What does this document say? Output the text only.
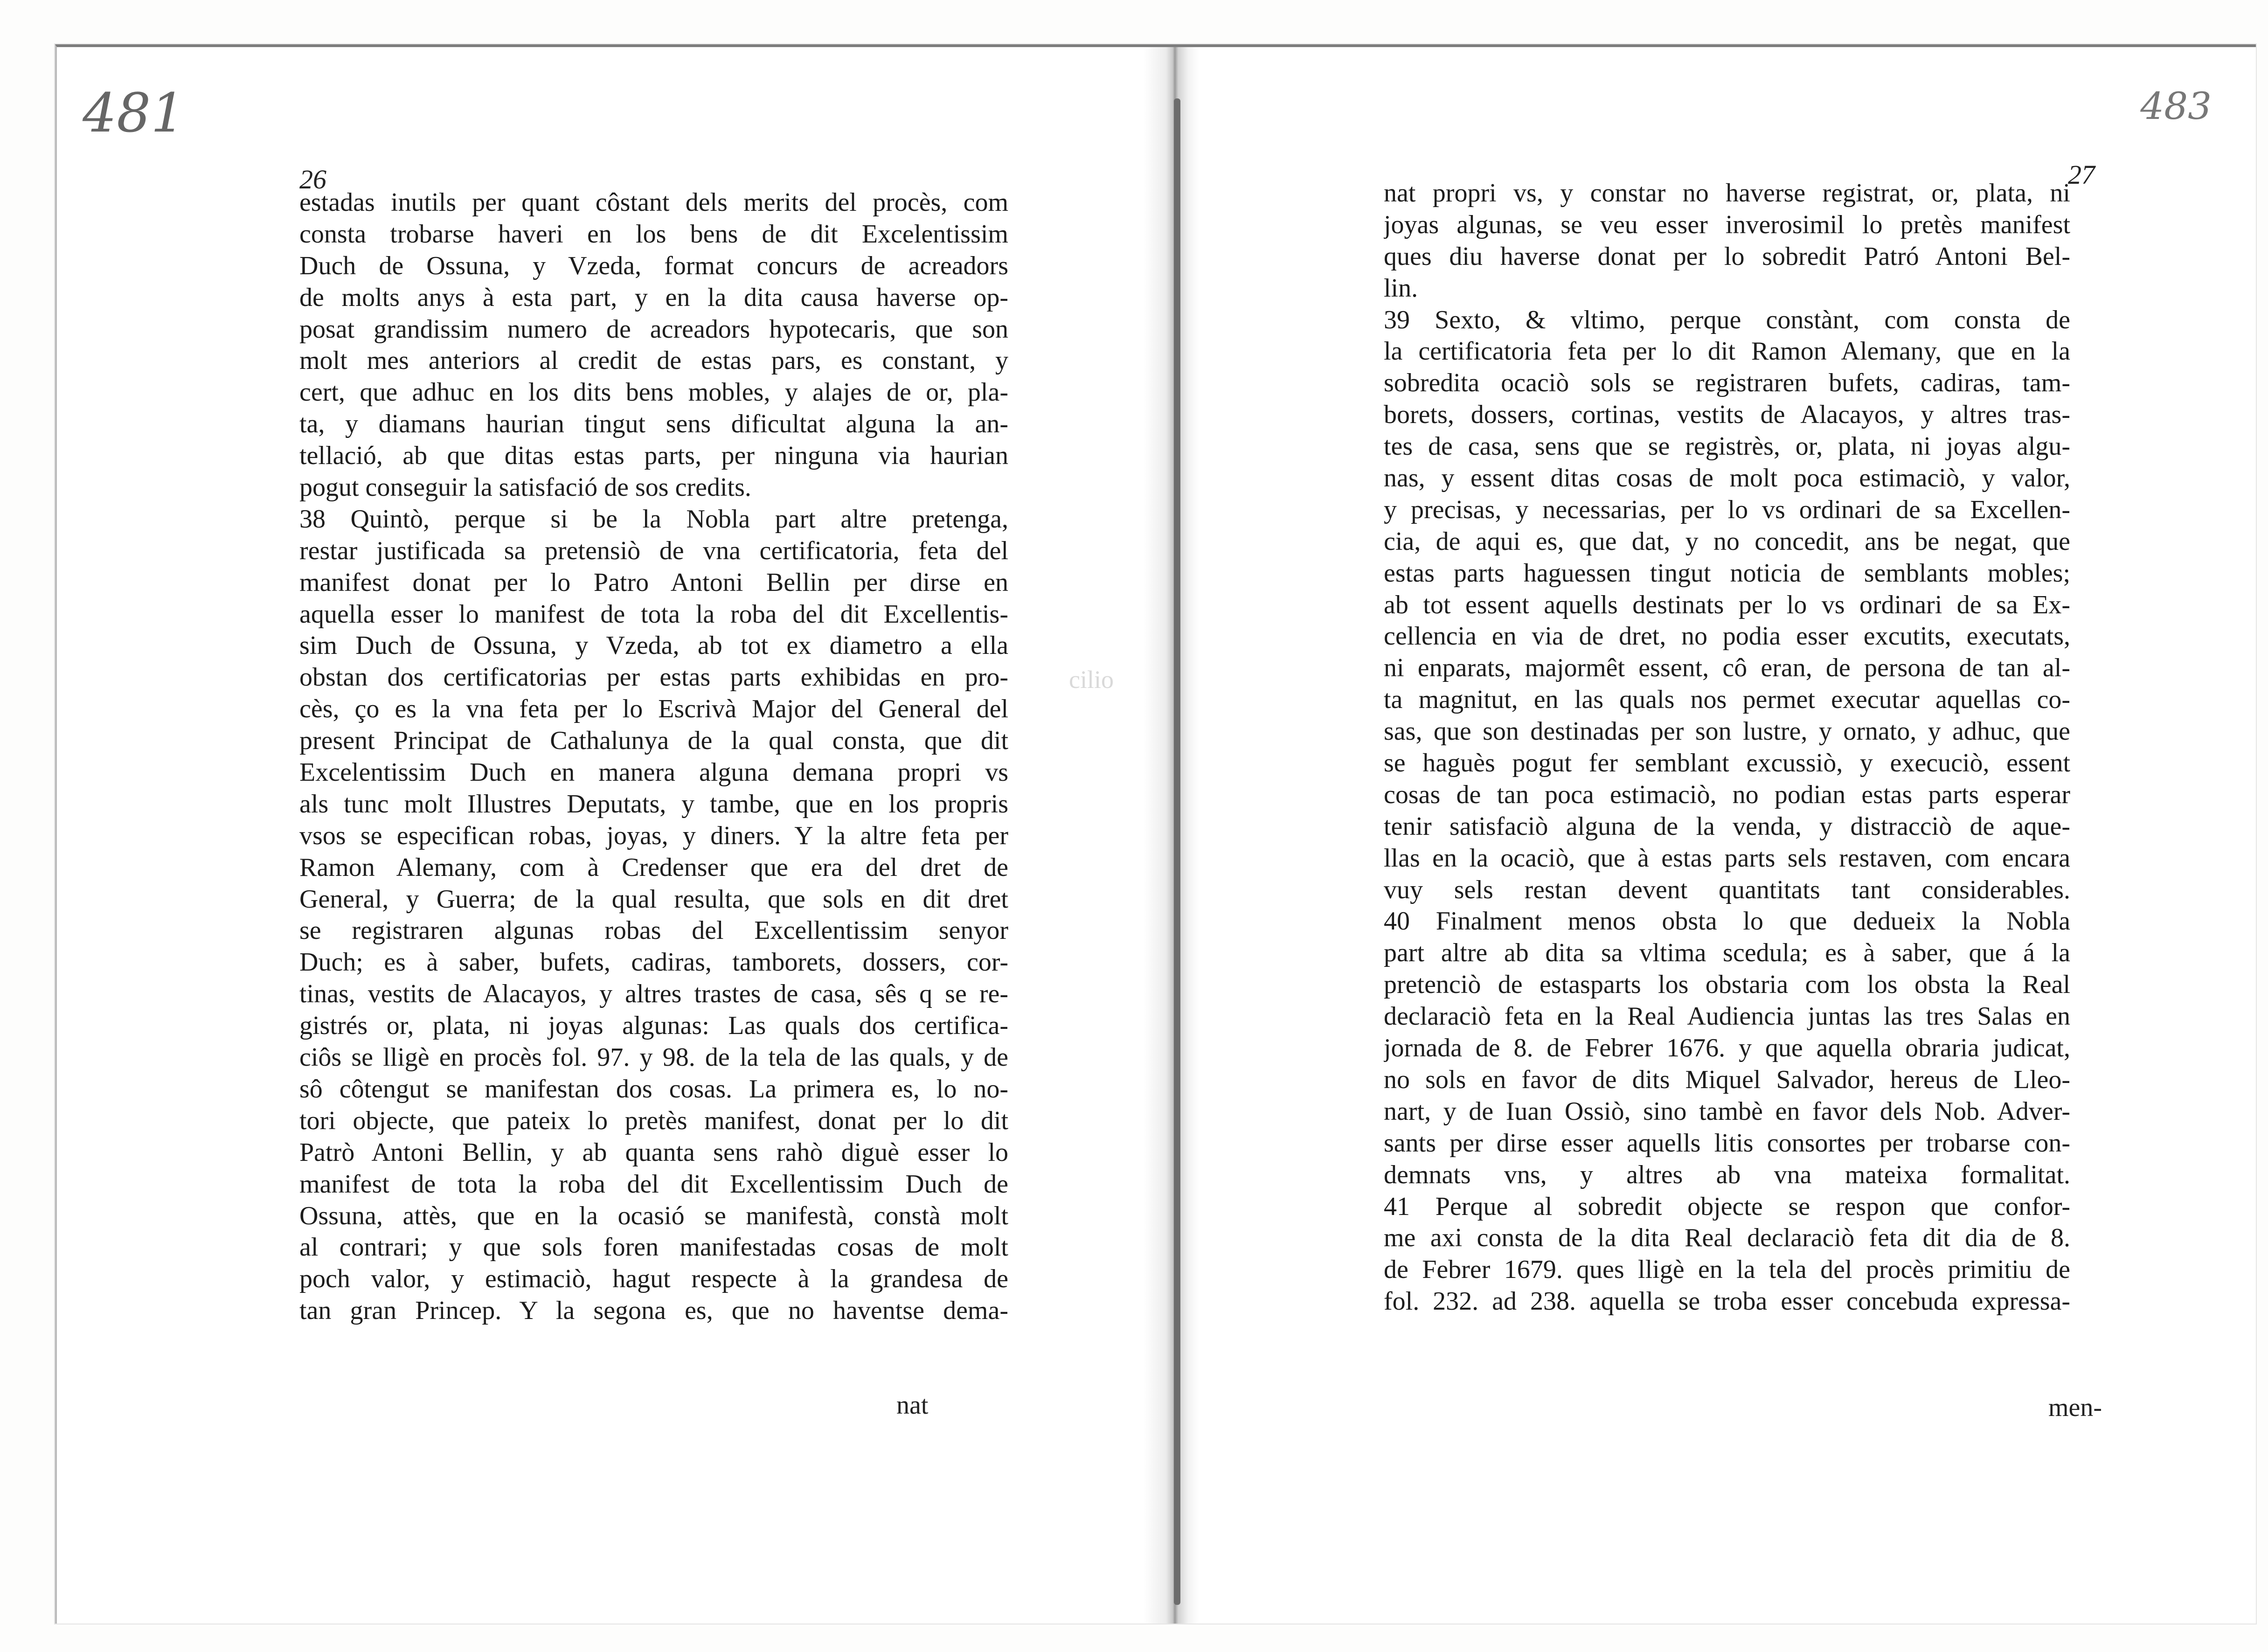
481
26
estadas inutils per quant côstant dels merits del procès, com
consta trobarse haveri en los bens de dit Excelentissim
Duch de Ossuna, y Vzeda, format concurs de acreadors
de molts anys à esta part, y en la dita causa haverse op-
posat grandissim numero de acreadors hypotecaris, que son
molt mes anteriors al credit de estas pars, es constant, y
cert, que adhuc en los dits bens mobles, y alajes de or, pla-
ta, y diamans haurian tingut sens dificultat alguna la an-
tellació, ab que ditas estas parts, per ninguna via haurian
pogut conseguir la satisfació de sos credits.
38 Quintò, perque si be la Nobla part altre pretenga,
restar justificada sa pretensiò de vna certificatoria, feta del
manifest donat per lo Patro Antoni Bellin per dirse en
aquella esser lo manifest de tota la roba del dit Excellentis-
sim Duch de Ossuna, y Vzeda, ab tot ex diametro a ella
obstan dos certificatorias per estas parts exhibidas en pro-
cès, ço es la vna feta per lo Escrivà Major del General del
present Principat de Cathalunya de la qual consta, que dit
Excelentissim Duch en manera alguna demana propri vs
als tunc molt Illustres Deputats, y tambe, que en los propris
vsos se especifican robas, joyas, y diners. Y la altre feta per
Ramon Alemany, com à Credenser que era del dret de
General, y Guerra; de la qual resulta, que sols en dit dret
se registraren algunas robas del Excellentissim senyor
Duch; es à saber, bufets, cadiras, tamborets, dossers, cor-
tinas, vestits de Alacayos, y altres trastes de casa, sês q se re-
gistrés or, plata, ni joyas algunas: Las quals dos certifica-
ciôs se lligè en procès fol. 97. y 98. de la tela de las quals, y de
sô côtengut se manifestan dos cosas. La primera es, lo no-
tori objecte, que pateix lo pretès manifest, donat per lo dit
Patrò Antoni Bellin, y ab quanta sens rahò diguè esser lo
manifest de tota la roba del dit Excellentissim Duch de
Ossuna, attès, que en la ocasió se manifestà, constà molt
al contrari; y que sols foren manifestadas cosas de molt
poch valor, y estimaciò, hagut respecte à la grandesa de
tan gran Princep. Y la segona es, que no haventse dema-
nat
cilio
483
27
nat propri vs, y constar no haverse registrat, or, plata, ni
joyas algunas, se veu esser inverosimil lo pretès manifest
ques diu haverse donat per lo sobredit Patró Antoni Bel-
lin.
39 Sexto, & vltimo, perque constànt, com consta de
la certificatoria feta per lo dit Ramon Alemany, que en la
sobredita ocaciò sols se registraren bufets, cadiras, tam-
borets, dossers, cortinas, vestits de Alacayos, y altres tras-
tes de casa, sens que se registrès, or, plata, ni joyas algu-
nas, y essent ditas cosas de molt poca estimaciò, y valor,
y precisas, y necessarias, per lo vs ordinari de sa Excellen-
cia, de aqui es, que dat, y no concedit, ans be negat, que
estas parts haguessen tingut noticia de semblants mobles;
ab tot essent aquells destinats per lo vs ordinari de sa Ex-
cellencia en via de dret, no podia esser excutits, executats,
ni enparats, majormêt essent, cô eran, de persona de tan al-
ta magnitut, en las quals nos permet executar aquellas co-
sas, que son destinadas per son lustre, y ornato, y adhuc, que
se haguès pogut fer semblant excussiò, y execuciò, essent
cosas de tan poca estimaciò, no podian estas parts esperar
tenir satisfaciò alguna de la venda, y distracciò de aque-
llas en la ocaciò, que à estas parts sels restaven, com encara
vuy sels restan devent quantitats tant considerables.
40 Finalment menos obsta lo que dedueix la Nobla
part altre ab dita sa vltima scedula; es à saber, que á la
pretenciò de estasparts los obstaria com los obsta la Real
declaraciò feta en la Real Audiencia juntas las tres Salas en
jornada de 8. de Febrer 1676. y que aquella obraria judicat,
no sols en favor de dits Miquel Salvador, hereus de Lleo-
nart, y de Iuan Ossiò, sino tambè en favor dels Nob. Adver-
sants per dirse esser aquells litis consortes per trobarse con-
demnats vns, y altres ab vna mateixa formalitat.
41 Perque al sobredit objecte se respon que confor-
me axi consta de la dita Real declaraciò feta dit dia de 8.
de Febrer 1679. ques lligè en la tela del procès primitiu de
fol. 232. ad 238. aquella se troba esser concebuda expressa-
men-
